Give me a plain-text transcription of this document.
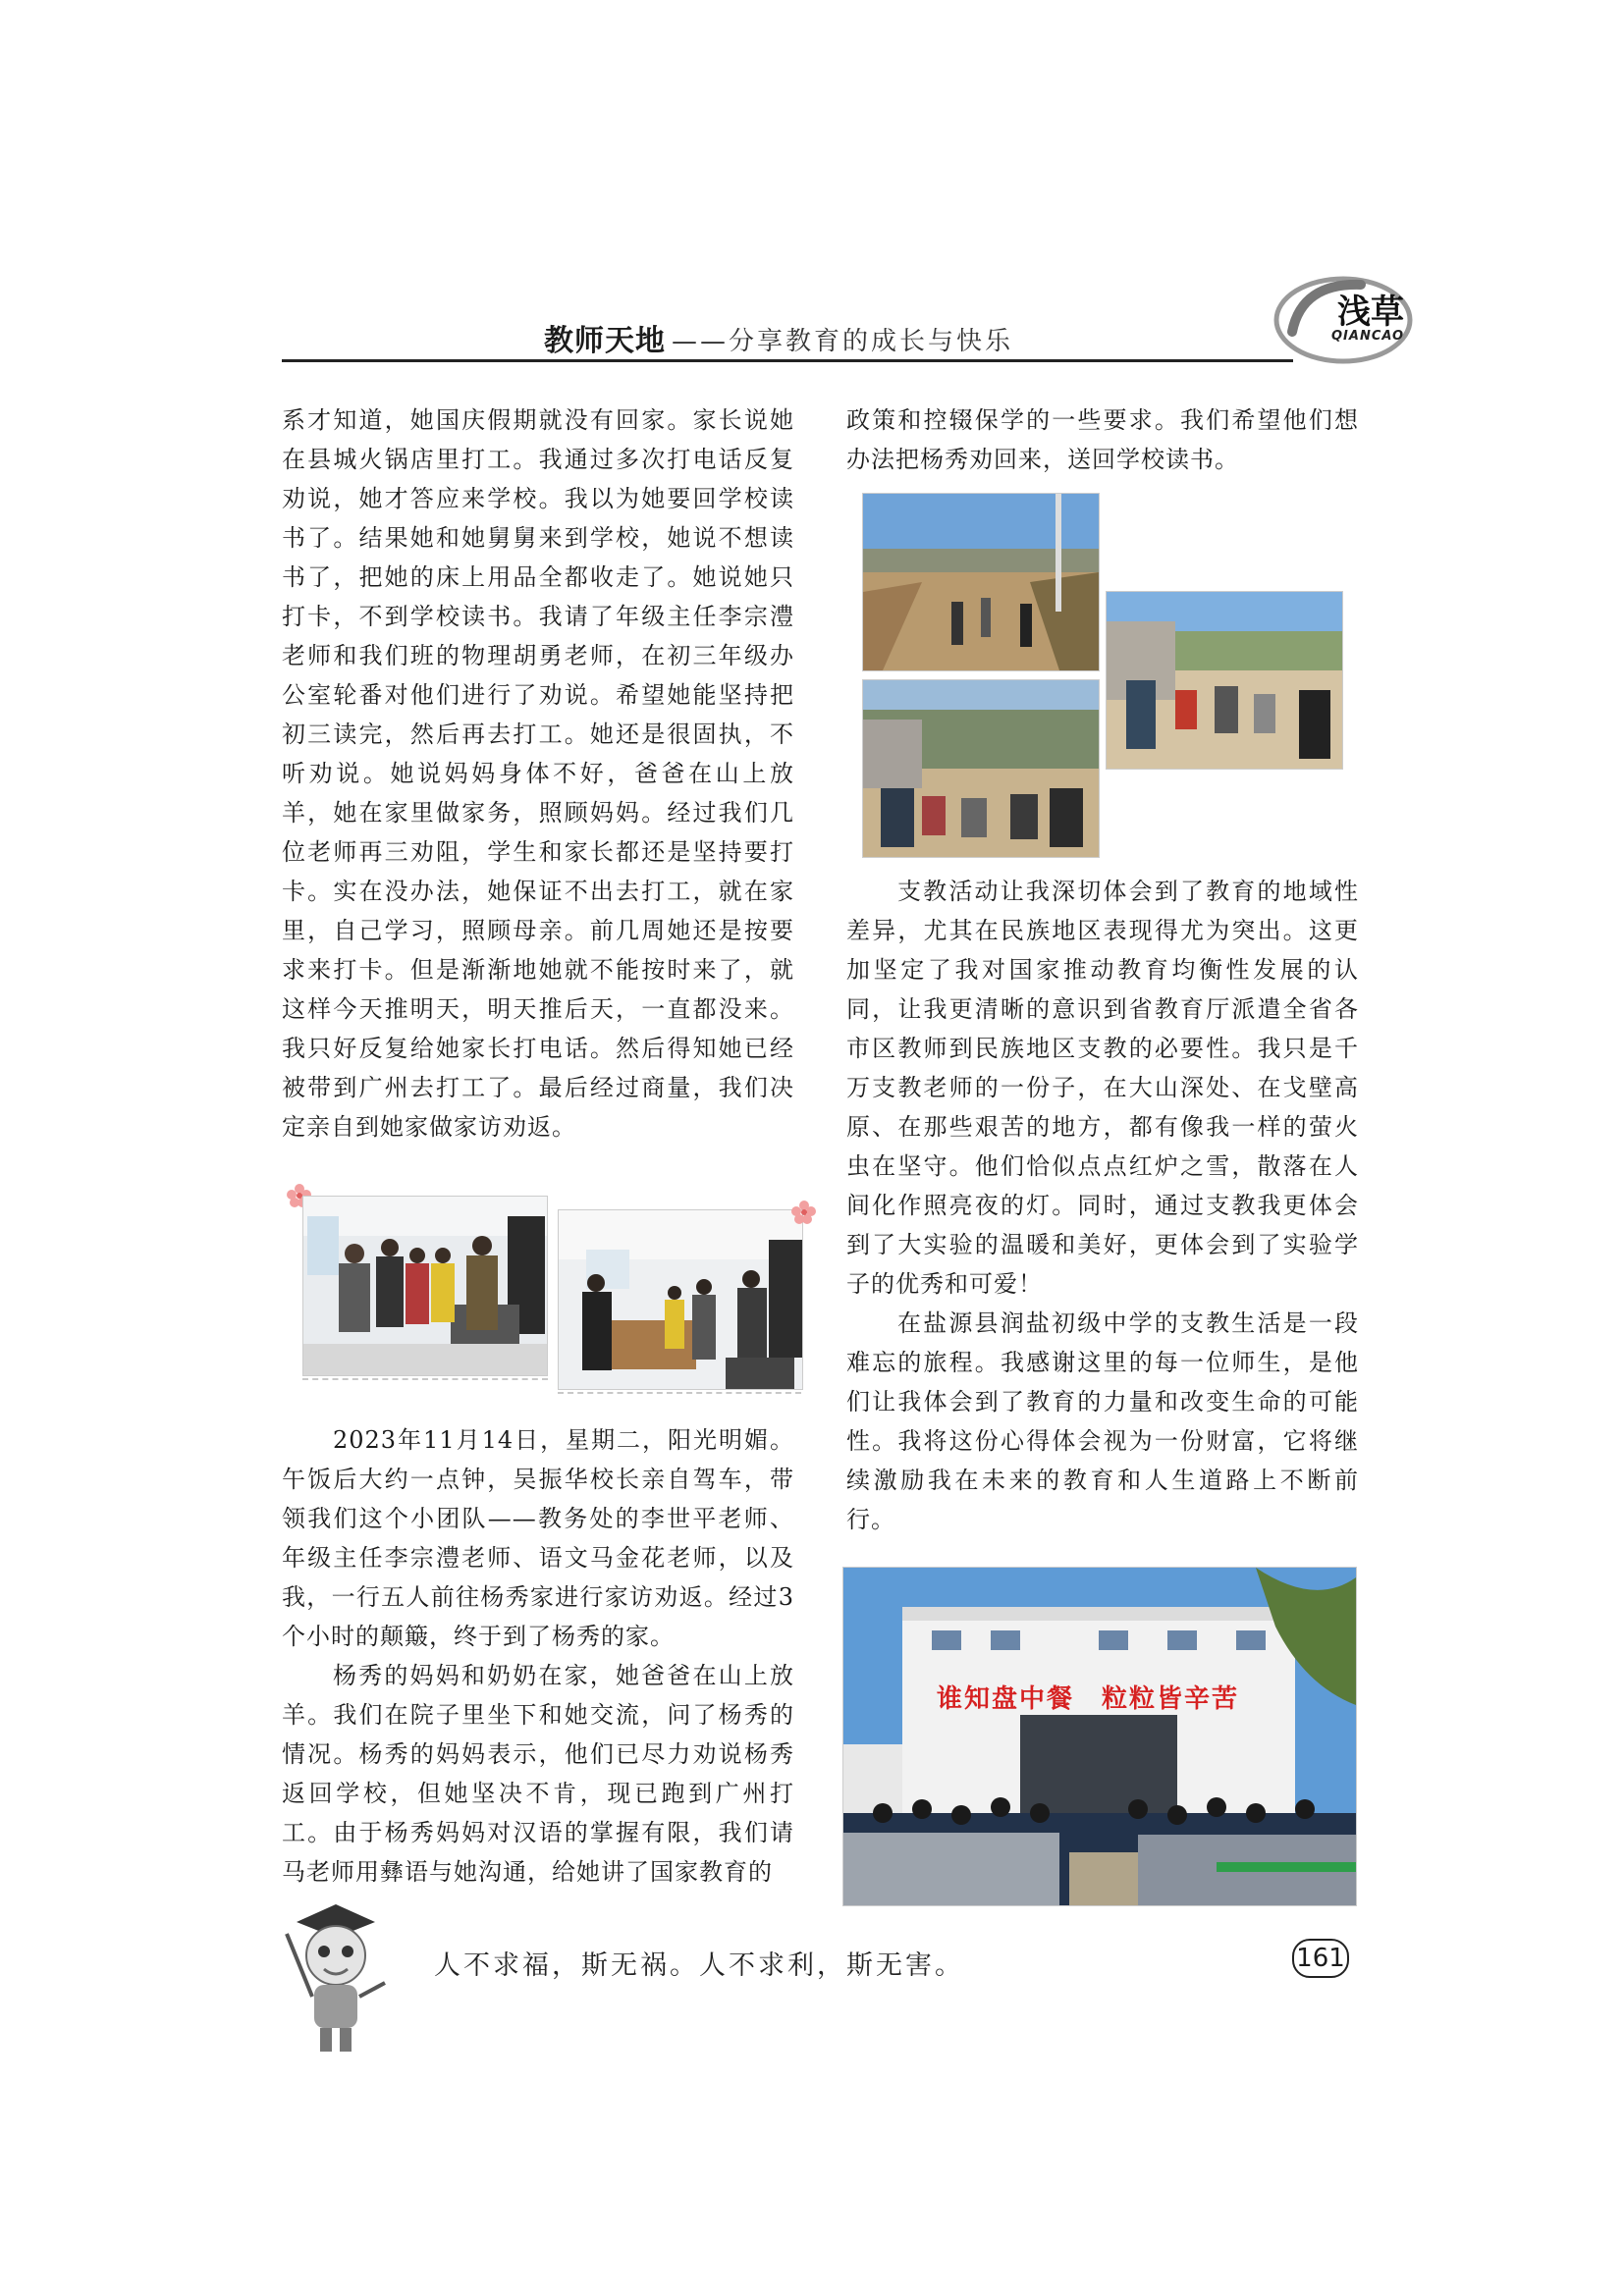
教师天地 ——分享教育的成长与快乐
浅草
QIANCAO

系才知道，她国庆假期就没有回家。家长说她在县城火锅店里打工。我通过多次打电话反复劝说，她才答应来学校。我以为她要回学校读书了。结果她和她舅舅来到学校，她说不想读书了，把她的床上用品全都收走了。她说她只打卡，不到学校读书。我请了年级主任李宗澧老师和我们班的物理胡勇老师，在初三年级办公室轮番对他们进行了劝说。希望她能坚持把初三读完，然后再去打工。她还是很固执，不听劝说。她说妈妈身体不好，爸爸在山上放羊，她在家里做家务，照顾妈妈。经过我们几位老师再三劝阻，学生和家长都还是坚持要打卡。实在没办法，她保证不出去打工，就在家里，自己学习，照顾母亲。前几周她还是按要求来打卡。但是渐渐地她就不能按时来了，就这样今天推明天，明天推后天，一直都没来。我只好反复给她家长打电话。然后得知她已经被带到广州去打工了。最后经过商量，我们决定亲自到她家做家访劝返。

2023年11月14日，星期二，阳光明媚。午饭后大约一点钟，吴振华校长亲自驾车，带领我们这个小团队——教务处的李世平老师、年级主任李宗澧老师、语文马金花老师，以及我，一行五人前往杨秀家进行家访劝返。经过3个小时的颠簸，终于到了杨秀的家。

杨秀的妈妈和奶奶在家，她爸爸在山上放羊。我们在院子里坐下和她交流，问了杨秀的情况。杨秀的妈妈表示，他们已尽力劝说杨秀返回学校，但她坚决不肯，现已跑到广州打工。由于杨秀妈妈对汉语的掌握有限，我们请马老师用彝语与她沟通，给她讲了国家教育的

政策和控辍保学的一些要求。我们希望他们想办法把杨秀劝回来，送回学校读书。

支教活动让我深切体会到了教育的地域性差异，尤其在民族地区表现得尤为突出。这更加坚定了我对国家推动教育均衡性发展的认同，让我更清晰的意识到省教育厅派遣全省各市区教师到民族地区支教的必要性。我只是千万支教老师的一份子，在大山深处、在戈壁高原、在那些艰苦的地方，都有像我一样的萤火虫在坚守。他们恰似点点红炉之雪，散落在人间化作照亮夜的灯。同时，通过支教我更体会到了大实验的温暖和美好，更体会到了实验学子的优秀和可爱！

在盐源县润盐初级中学的支教生活是一段难忘的旅程。我感谢这里的每一位师生，是他们让我体会到了教育的力量和改变生命的可能性。我将这份心得体会视为一份财富，它将继续激励我在未来的教育和人生道路上不断前行。

谁知盘中餐　粒粒皆辛苦
人不求福，斯无祸。人不求利，斯无害。	161
